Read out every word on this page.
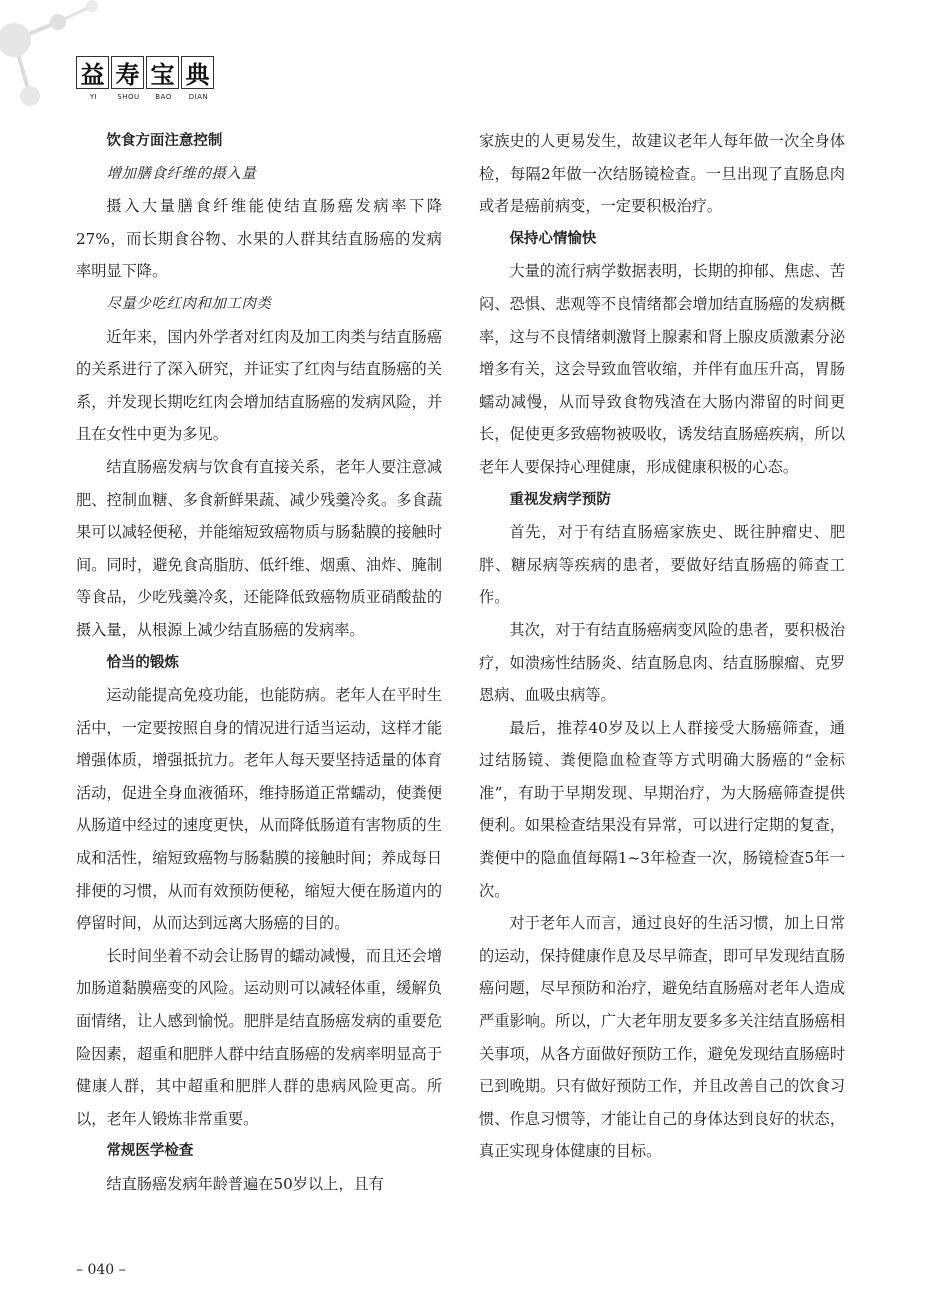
益 寿 宝 典
YI	SHOU	BAO	DIAN

饮食方面注意控制

增加膳食纤维的摄入量

摄入大量膳食纤维能使结直肠癌发病率下降27%，而长期食谷物、水果的人群其结直肠癌的发病率明显下降。

尽量少吃红肉和加工肉类

近年来，国内外学者对红肉及加工肉类与结直肠癌的关系进行了深入研究，并证实了红肉与结直肠癌的关系，并发现长期吃红肉会增加结直肠癌的发病风险，并且在女性中更为多见。

结直肠癌发病与饮食有直接关系，老年人要注意减肥、控制血糖、多食新鲜果蔬、减少残羹冷炙。多食蔬果可以减轻便秘，并能缩短致癌物质与肠黏膜的接触时间。同时，避免食高脂肪、低纤维、烟熏、油炸、腌制等食品，少吃残羹冷炙，还能降低致癌物质亚硝酸盐的摄入量，从根源上减少结直肠癌的发病率。

恰当的锻炼

运动能提高免疫功能，也能防病。老年人在平时生活中，一定要按照自身的情况进行适当运动，这样才能增强体质，增强抵抗力。老年人每天要坚持适量的体育活动，促进全身血液循环，维持肠道正常蠕动，使粪便从肠道中经过的速度更快，从而降低肠道有害物质的生成和活性，缩短致癌物与肠黏膜的接触时间；养成每日排便的习惯，从而有效预防便秘，缩短大便在肠道内的停留时间，从而达到远离大肠癌的目的。

长时间坐着不动会让肠胃的蠕动减慢，而且还会增加肠道黏膜癌变的风险。运动则可以减轻体重，缓解负面情绪，让人感到愉悦。肥胖是结直肠癌发病的重要危险因素，超重和肥胖人群中结直肠癌的发病率明显高于健康人群，其中超重和肥胖人群的患病风险更高。所以，老年人锻炼非常重要。

常规医学检查

结直肠癌发病年龄普遍在50岁以上，且有

家族史的人更易发生，故建议老年人每年做一次全身体检，每隔2年做一次结肠镜检查。一旦出现了直肠息肉或者是癌前病变，一定要积极治疗。

保持心情愉快

大量的流行病学数据表明，长期的抑郁、焦虑、苦闷、恐惧、悲观等不良情绪都会增加结直肠癌的发病概率，这与不良情绪刺激肾上腺素和肾上腺皮质激素分泌增多有关，这会导致血管收缩，并伴有血压升高，胃肠蠕动减慢，从而导致食物残渣在大肠内滞留的时间更长，促使更多致癌物被吸收，诱发结直肠癌疾病，所以老年人要保持心理健康，形成健康积极的心态。

重视发病学预防

首先，对于有结直肠癌家族史、既往肿瘤史、肥胖、糖尿病等疾病的患者，要做好结直肠癌的筛查工作。

其次，对于有结直肠癌病变风险的患者，要积极治疗，如溃疡性结肠炎、结直肠息肉、结直肠腺瘤、克罗恩病、血吸虫病等。

最后，推荐40岁及以上人群接受大肠癌筛查，通过结肠镜、粪便隐血检查等方式明确大肠癌的“金标准”，有助于早期发现、早期治疗，为大肠癌筛查提供便利。如果检查结果没有异常，可以进行定期的复查，粪便中的隐血值每隔1~3年检查一次，肠镜检查5年一次。

对于老年人而言，通过良好的生活习惯，加上日常的运动，保持健康作息及尽早筛查，即可早发现结直肠癌问题，尽早预防和治疗，避免结直肠癌对老年人造成严重影响。所以，广大老年朋友要多多关注结直肠癌相关事项，从各方面做好预防工作，避免发现结直肠癌时已到晚期。只有做好预防工作，并且改善自己的饮食习惯、作息习惯等，才能让自己的身体达到良好的状态，真正实现身体健康的目标。

– 040 –
